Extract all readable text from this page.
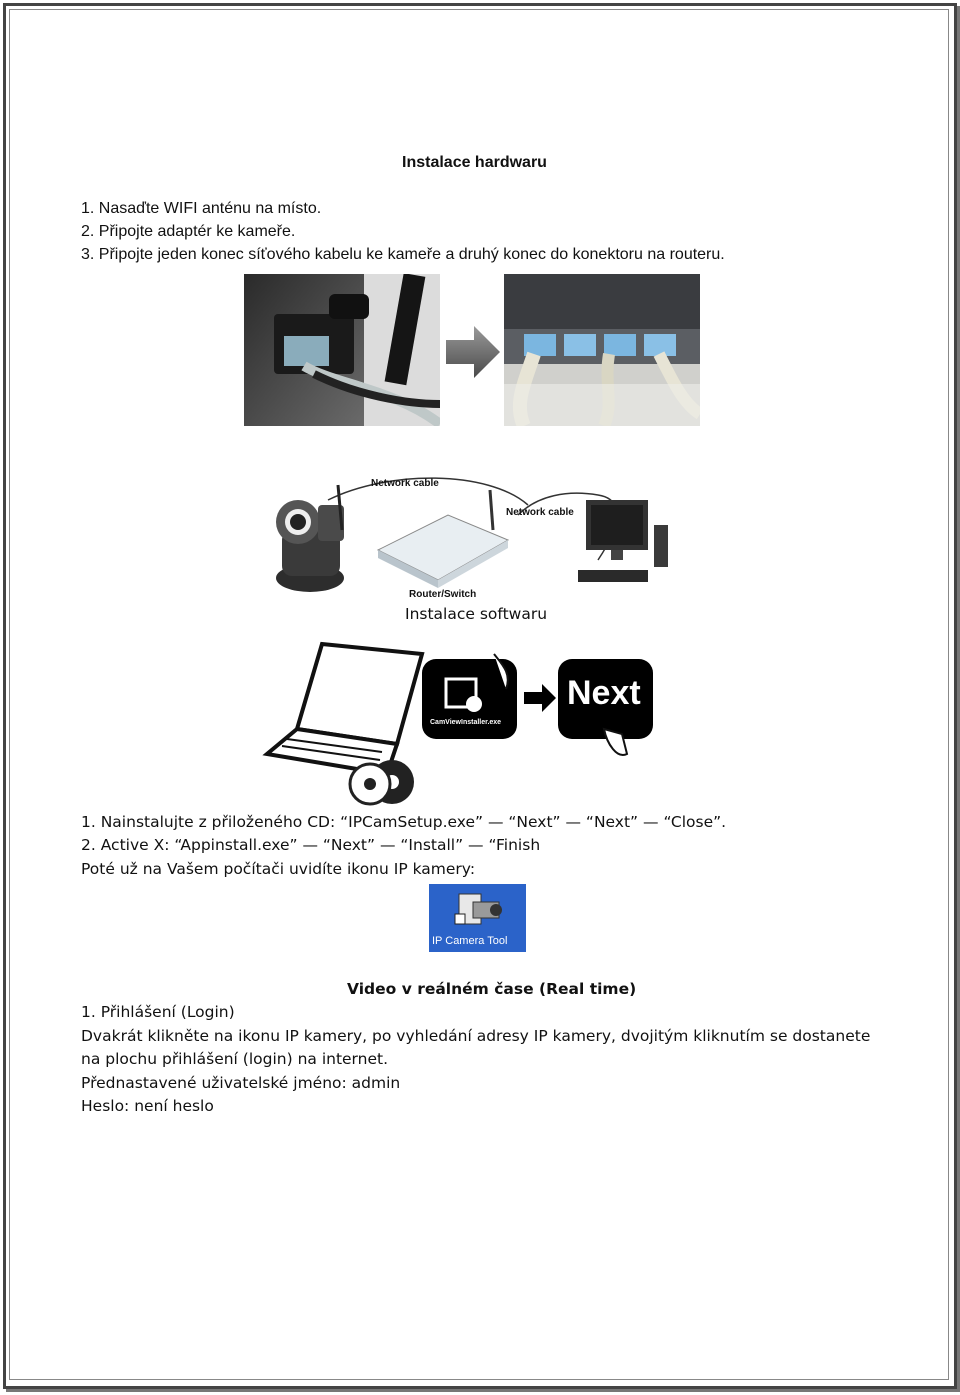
Instalace hardwaru
1. Nasaďte WIFI anténu na místo.
2. Připojte adaptér ke kameře.
3. Připojte jeden konec síťového kabelu ke kameře a druhý konec do konektoru na routeru.
Network cable
Network cable
Router/Switch
Instalace softwaru
CamViewInstaller.exe
Next
1. Nainstalujte z přiloženého CD: “IPCamSetup.exe” — “Next” — “Next” — “Close”.
2. Active X: “Appinstall.exe” — “Next” — “Install” — “Finish
Poté už na Vašem počítači uvidíte ikonu IP kamery:
IP Camera Tool
Video v reálném čase (Real time)
1. Přihlášení (Login)
Dvakrát klikněte na ikonu IP kamery, po vyhledání adresy IP kamery, dvojitým kliknutím se dostanete
na plochu přihlášení (login) na internet.
Přednastavené uživatelské jméno: admin
Heslo: není heslo
